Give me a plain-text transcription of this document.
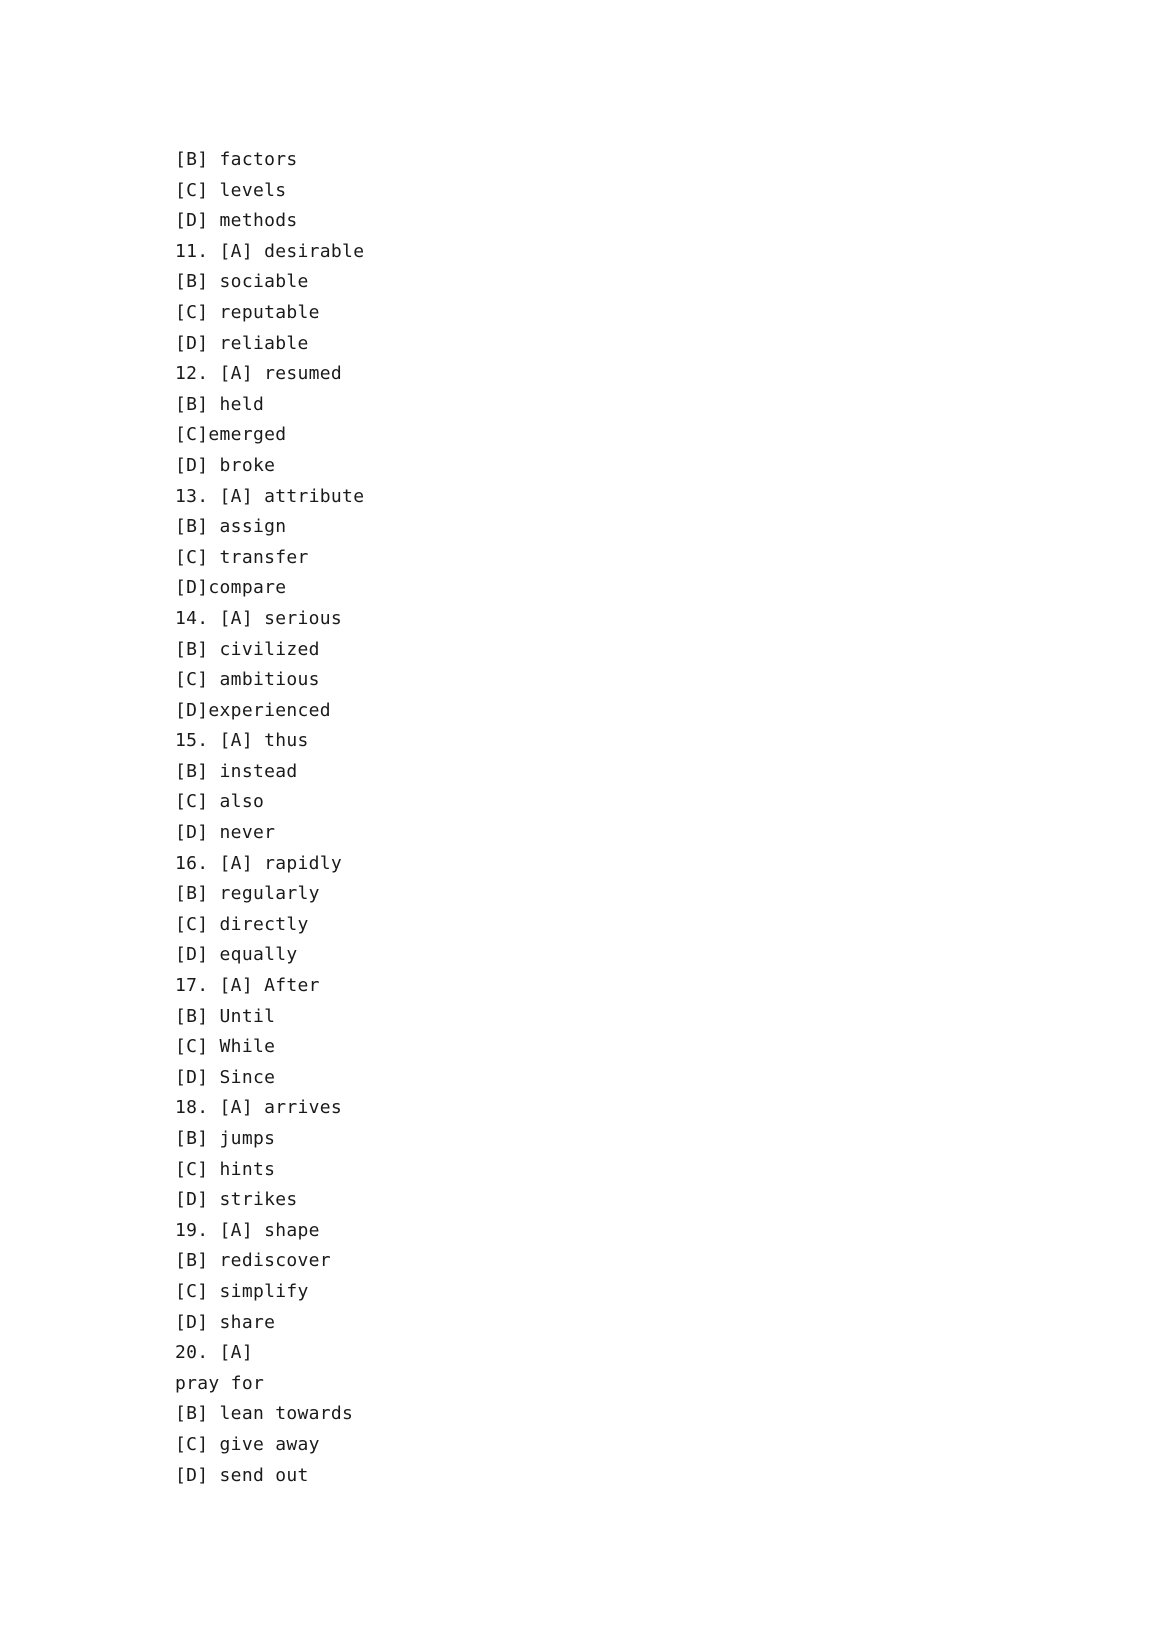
[B] factors
[C] levels
[D] methods
11. [A] desirable
[B] sociable
[C] reputable
[D] reliable
12. [A] resumed
[B] held
[C]emerged
[D] broke
13. [A] attribute
[B] assign
[C] transfer
[D]compare
14. [A] serious
[B] civilized
[C] ambitious
[D]experienced
15. [A] thus
[B] instead
[C] also
[D] never
16. [A] rapidly
[B] regularly
[C] directly
[D] equally
17. [A] After
[B] Until
[C] While
[D] Since
18. [A] arrives
[B] jumps
[C] hints
[D] strikes
19. [A] shape
[B] rediscover
[C] simplify
[D] share
20. [A]
pray for
[B] lean towards
[C] give away
[D] send out
